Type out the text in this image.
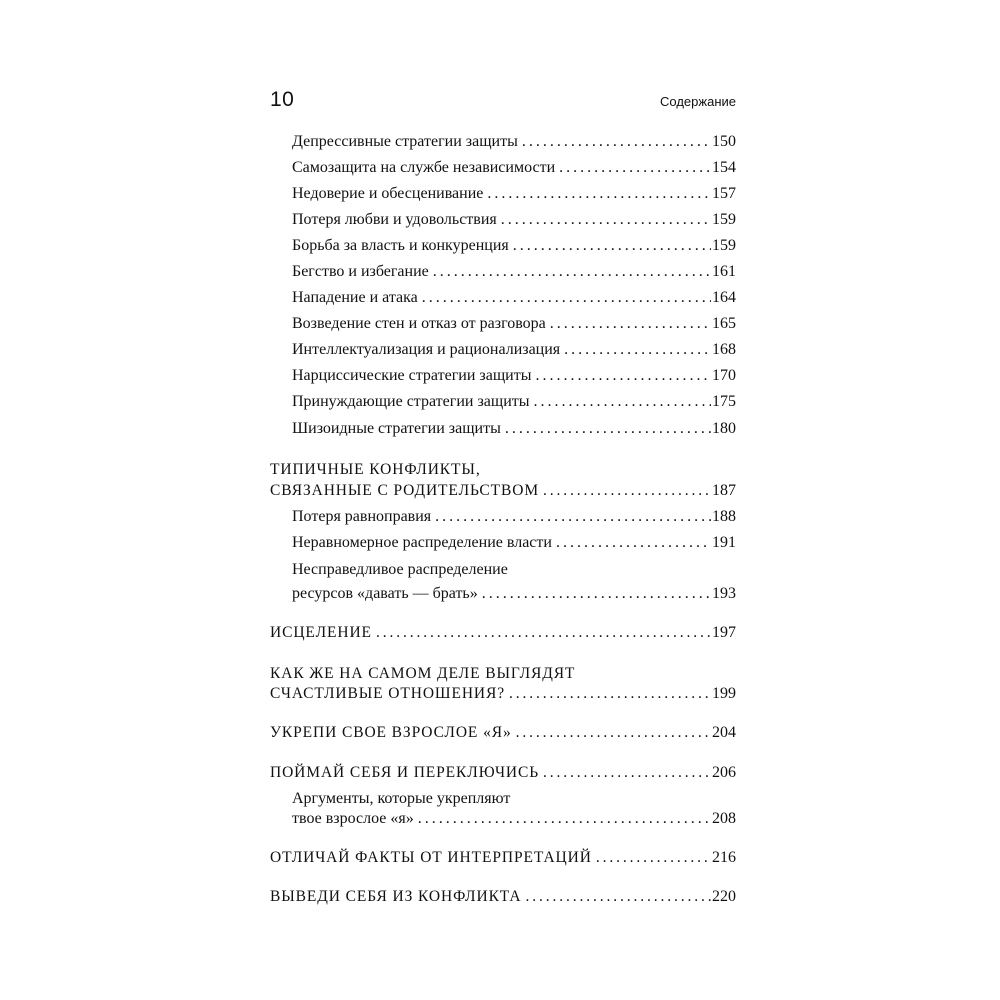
10	Содержание
Депрессивные стратегии защиты . . .	150
Самозащита на службе независимости . . .	154
Недоверие и обесценивание . . .	157
Потеря любви и удовольствия . . .	159
Борьба за власть и конкуренция . . .	159
Бегство и избегание . . .	161
Нападение и атака . . .	164
Возведение стен и отказ от разговора . . .	165
Интеллектуализация и рационализация . . .	168
Нарциссические стратегии защиты . . .	170
Принуждающие стратегии защиты . . .	175
Шизоидные стратегии защиты . . .	180
ТИПИЧНЫЕ КОНФЛИКТЫ,
СВЯЗАННЫЕ С РОДИТЕЛЬСТВОМ . . .	187
Потеря равноправия . . .	188
Неравномерное распределение власти . . .	191
Несправедливое распределение
ресурсов «давать — брать» . . .	193
ИСЦЕЛЕНИЕ . . .	197
КАК ЖЕ НА САМОМ ДЕЛЕ ВЫГЛЯДЯТ
СЧАСТЛИВЫЕ ОТНОШЕНИЯ? . . .	199
УКРЕПИ СВОЕ ВЗРОСЛОЕ «Я» . . .	204
ПОЙМАЙ СЕБЯ И ПЕРЕКЛЮЧИСЬ . . .	206
Аргументы, которые укрепляют
твое взрослое «я» . . .	208
ОТЛИЧАЙ ФАКТЫ ОТ ИНТЕРПРЕТАЦИЙ . . .	216
ВЫВЕДИ СЕБЯ ИЗ КОНФЛИКТА . . .	220
